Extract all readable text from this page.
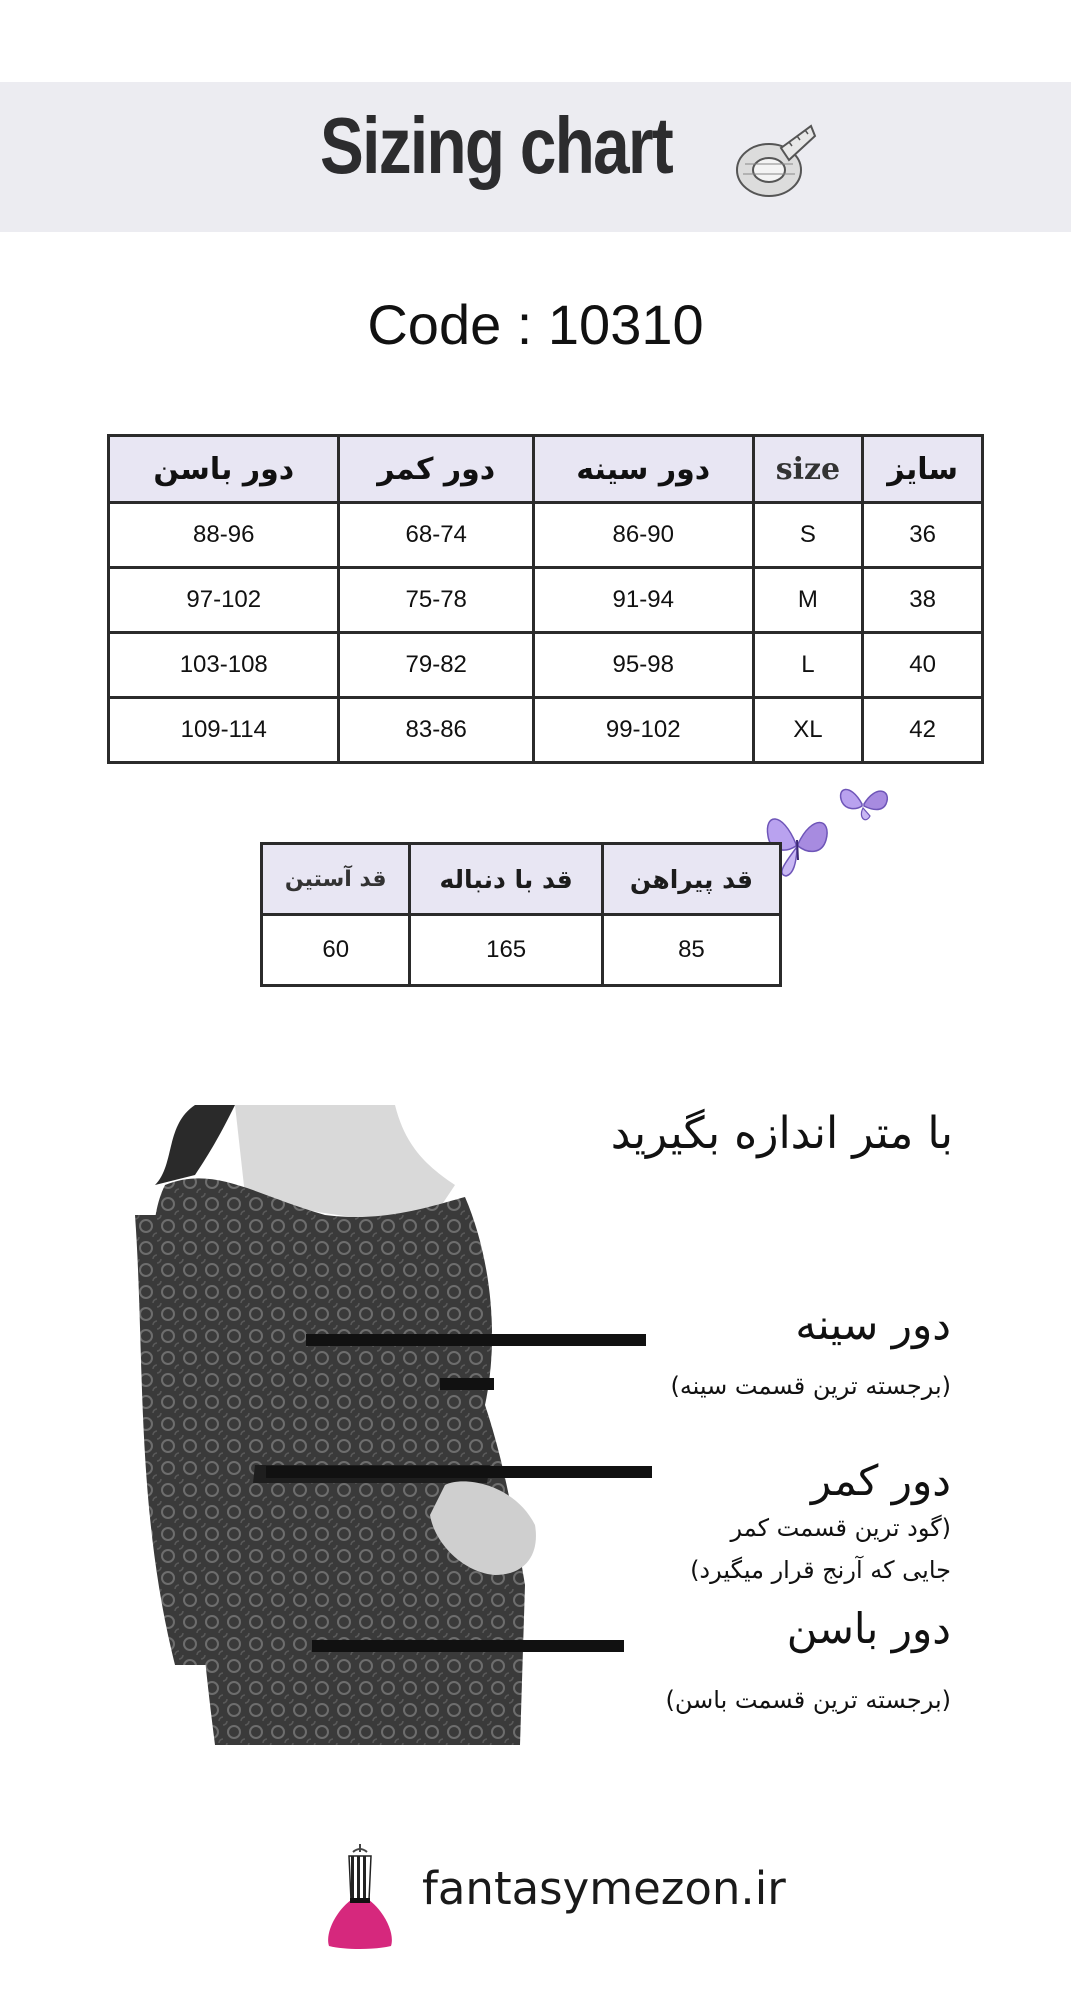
Sizing chart
Code : 10310
دور باسن	دور کمر	دور سینه	size	سایز
88-96	68-74	86-90	S	36
97-102	75-78	91-94	M	38
103-108	79-82	95-98	L	40
109-114	83-86	99-102	XL	42
قد آستین	قد با دنباله	قد پیراهن
60	165	85
با متر اندازه بگیرید
دور سینه
(برجسته ترین قسمت سینه)
دور کمر
(گود ترین قسمت کمر
جایی که آرنج قرار میگیرد)
دور باسن
(برجسته ترین قسمت باسن)
fantasymezon.ir
